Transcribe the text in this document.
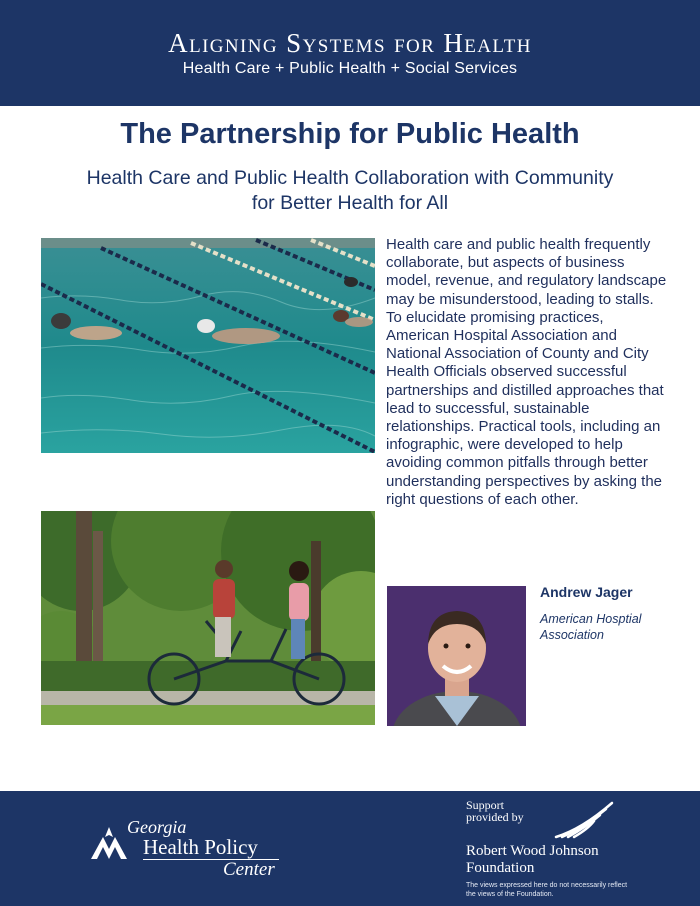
Aligning Systems for Health
Health Care + Public Health + Social Services
The Partnership for Public Health
Health Care and Public Health Collaboration with Community for Better Health for All
Health care and public health frequently collaborate, but aspects of business model, revenue, and regulatory landscape may be misunderstood, leading to stalls. To elucidate promising practices, American Hospital Association and National Association of County and City Health Officials observed successful partnerships and distilled approaches that lead to successful, sustainable relationships. Practical tools, including an infographic, were developed to help avoiding common pitfalls through better understanding perspectives by asking the right questions of each other.
Andrew Jager
American Hosptial Association
Georgia
Health Policy
Center
Support provided by
Robert Wood Johnson Foundation
The views expressed here do not necessarily reflect the views of the Foundation.
